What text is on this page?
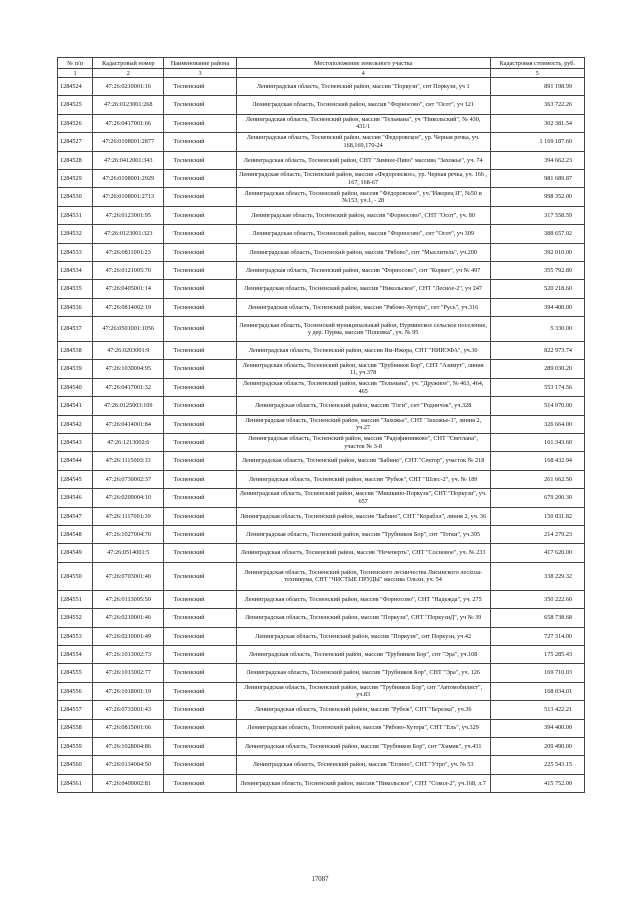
№ п/п	Кадастровый номер	Наименование района	Местоположение земельного участка	Кадастровая стоимость, руб.
1	2	3	4	5
1284524	47:26:0210001:16	Тосненский	Ленинградская область, Тосненский район, массив "Поркузи", снт Поркузи, уч 1	891 198.99
1284525	47:26:0123001:268	Тосненский	Ленинградская область, Тосненский район, массив "Форносово", снт "Осот", уч 121	363 722.26
1284526	47:26:0417001:66	Тосненский	Ленинградская область, Тосненский район, массив "Тельмана", уч "Никольский", № 430, 431/1	302 381.54
1284527	47:26:0108001:2877	Тосненский	Ленинградская область, Тосненский район, массив "Федоровское", ур. Черная речка, уч. 168,169,170-24	1 169 187.60
1284528	47:26:0412001:343	Тосненский	Ленинградская область, Тосненский район, СНТ "Зимнее-Пиво" массива "Захожье", уч. 74	394 662.23
1284529	47:26:0108001:2929	Тосненский	Ленинградская область, Тосненский район, массив «Федоровское», ур. Черная речка, уч. 166 , 167, 168-67	981 689.87
1284530	47:26:0108001:2713	Тосненский	Ленинградская область, Тосненский район, массив "Фёдоровское", уч."Ижорец II", №50 и №153, уч.1, - 28	998 352.00
1284531	47:26:0123001:95	Тосненский	Ленинградская область, Тосненский район, массив "Форносово", СНТ "Осот", уч. 80	317 558.59
1284532	47:26:0123001:323	Тосненский	Ленинградская область, Тосненский район, массив "Форносово", снт "Осот", уч 309	388 657.02
1284533	47:26:0811001:23	Тосненский	Ленинградская область, Тосненский район, массив "Рябово", снт "Мыслитель", уч.200	392 010.00
1284534	47:26:0121005:70	Тосненский	Ленинградская область, Тосненский район, массив "Форносово", снт "Корвет", уч № 497	355 792.80
1284535	47:26:0405001:14	Тосненский	Ленинградская область, Тосненский район, массив "Никольское", СНТ "Лесное-2", уч 247	520 218.60
1284536	47:26:0814002:19	Тосненский	Ленинградская область, Тосненский район, массив "Рябово-Хутора", снт "Русь", уч.316	394 400.00
1284537	47:26:0501001:1056	Тосненский	Ленинградская область, Тосненский муниципальный район, Нурминское сельское поселение, у дер. Пурма, массив "Поповка", уч. № 95	5 330.00
1284538	47:26:0203001:9	Тосненский	Ленинградская область, Тосненский район, массив Ям-Ижора, СНТ "НИИЭФА", уч.30	822 973.74
1284539	47:26:1030004:95	Тосненский	Ленинградская область, Тосненский район, массив "Трубников Бор", СНТ "Азимут", линия 11, уч.378	289 030.20
1284540	47:26:0417001:32	Тосненский	Ленинградская область, Тосненский район, массив "Тельмана", уч. "Дружное", № 463, 464, 465	553 174.56
1284541	47:26:0125003:109	Тосненский	Ленинградская область, Тосненский район, массив "Гоги", снт "Родничок", уч.328	514 070.00
1284542	47:26:0414001:84	Тосненский	Ленинградская область, Тосненский район, массив "Захожье", СНТ "Захожье-3", линия 2, уч.27	326 664.00
1284543	47:26:1213002:6	Тосненский	Ленинградская область, Тосненский район, массив "Радофинниково", СНТ "Светлана", участок № 3-8	161 343.60
1284544	47:26:1115003:33	Тосненский	Ленинградская область, Тосненский район, массив "Бабино", СНТ "Сектор", участок № 218	168 432.94
1284545	47:26:0730002:37	Тосненский	Ленинградская область, Тосненский район, массив "Рубеж", СНТ "Шлес-2", уч. № 189	261 662.50
1284546	47:26:0209004:10	Тосненский	Ленинградская область, Тосненский район, массив "Мишкино-Поркузи", СНТ "Поркузи", уч. 657	679 200.30
1284547	47:26:1117001:39	Тосненский	Ленинградская область, Тосненский район, массив "Бабино", СНТ "Кораблл", линия 2, уч. 36	150 831.82
1284548	47:26:1027004:70	Тосненский	Ленинградская область, Тосненский район, массив "Трубников Бор", снт "Тотки", уч.395	214 279.23
1284549	47:26:0514001:5	Тосненский	Ленинградская область, Тосненский район, массив "Нечеперть", СНТ "Сосновое", уч. № 233	417 620.00
1284550	47:26:0703001:40	Тосненский	Ленинградская область, Тосненский район, Тосненского лесничества Лисинского лесхоза-техникума, СНТ "ЧИСТЫЕ ПРУДЫ" массива Ольхи, уч. 54	338 229.32
1284551	47:26:0113005:50	Тосненский	Ленинградская область, Тосненский район, массив "Форносово", СНТ "Надежда", уч. 275	350 222.60
1284552	47:26:0210001:46	Тосненский	Ленинградская область, Тосненский район, массив "Поркузи", СНТ "ПоркузиД", уч № 39	658 738.68
1284553	47:26:0210001:49	Тосненский	Ленинградская область, Тосненский район, массив "Поркузи", снт Поркузи, уч.42	727 314.00
1284554	47:26:1013002:73	Тосненский	Ленинградская область, Тосненский район, массив "Трубников Бор", снт "Эра", уч.108	175 285.43
1284555	47:26:1013002:77	Тосненский	Ленинградская область, Тосненский район, массив "Трубников Бор", СНТ "Эра", уч. 126	169 710.03
1284556	47:26:1018001:19	Тосненский	Ленинградская область, Тосненский район, массив "Трубников Бор", снт "Автомобилист", уч.83	168 034.01
1284557	47:26:0733001:43	Тосненский	Ленинградская область, Тосненский район, массив "Рубеж", СНТ "Березка", уч.36	513 422.21
1284558	47:26:0815001:66	Тосненский	Ленинградская область, Тосненский район, массив "Рябово-Хутора", СНТ "Ель", уч.329	394 400.00
1284559	47:26:1028004:86	Тосненский	Ленинградская область, Тосненский район, массив "Трубников Бор", снт "Химик", уч.431	209 490.00
1284560	47:26:0134004:50	Тосненский	Ленинградская область, Тосненский район, массив "Еглино", СНТ "Утро", уч. № 53	225 543.15
1284561	47:26:0409002:81	Тосненский	Ленинградская область, Тосненский район, массив "Никольское", СНТ "Сокол-2", уч.168, л.7	415 752.00
17087
